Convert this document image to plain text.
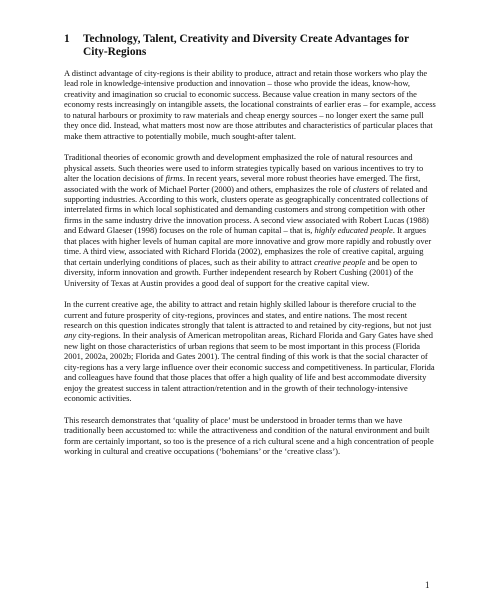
1 Technology, Talent, Creativity and Diversity Create Advantages for City-Regions

A distinct advantage of city-regions is their ability to produce, attract and retain those workers who play the lead role in knowledge-intensive production and innovation – those who provide the ideas, know-how, creativity and imagination so crucial to economic success. Because value creation in many sectors of the economy rests increasingly on intangible assets, the locational constraints of earlier eras – for example, access to natural harbours or proximity to raw materials and cheap energy sources – no longer exert the same pull they once did. Instead, what matters most now are those attributes and characteristics of particular places that make them attractive to potentially mobile, much sought-after talent.

Traditional theories of economic growth and development emphasized the role of natural resources and physical assets. Such theories were used to inform strategies typically based on various incentives to try to alter the location decisions of firms. In recent years, several more robust theories have emerged. The first, associated with the work of Michael Porter (2000) and others, emphasizes the role of clusters of related and supporting industries. According to this work, clusters operate as geographically concentrated collections of interrelated firms in which local sophisticated and demanding customers and strong competition with other firms in the same industry drive the innovation process. A second view associated with Robert Lucas (1988) and Edward Glaeser (1998) focuses on the role of human capital – that is, highly educated people. It argues that places with higher levels of human capital are more innovative and grow more rapidly and robustly over time. A third view, associated with Richard Florida (2002), emphasizes the role of creative capital, arguing that certain underlying conditions of places, such as their ability to attract creative people and be open to diversity, inform innovation and growth. Further independent research by Robert Cushing (2001) of the University of Texas at Austin provides a good deal of support for the creative capital view.

In the current creative age, the ability to attract and retain highly skilled labour is therefore crucial to the current and future prosperity of city-regions, provinces and states, and entire nations. The most recent research on this question indicates strongly that talent is attracted to and retained by city-regions, but not just any city-regions. In their analysis of American metropolitan areas, Richard Florida and Gary Gates have shed new light on those characteristics of urban regions that seem to be most important in this process (Florida 2001, 2002a, 2002b; Florida and Gates 2001). The central finding of this work is that the social character of city-regions has a very large influence over their economic success and competitiveness. In particular, Florida and colleagues have found that those places that offer a high quality of life and best accommodate diversity enjoy the greatest success in talent attraction/retention and in the growth of their technology-intensive economic activities.

This research demonstrates that ‘quality of place’ must be understood in broader terms than we have traditionally been accustomed to: while the attractiveness and condition of the natural environment and built form are certainly important, so too is the presence of a rich cultural scene and a high concentration of people working in cultural and creative occupations (‘bohemians’ or the ‘creative class’).

1
